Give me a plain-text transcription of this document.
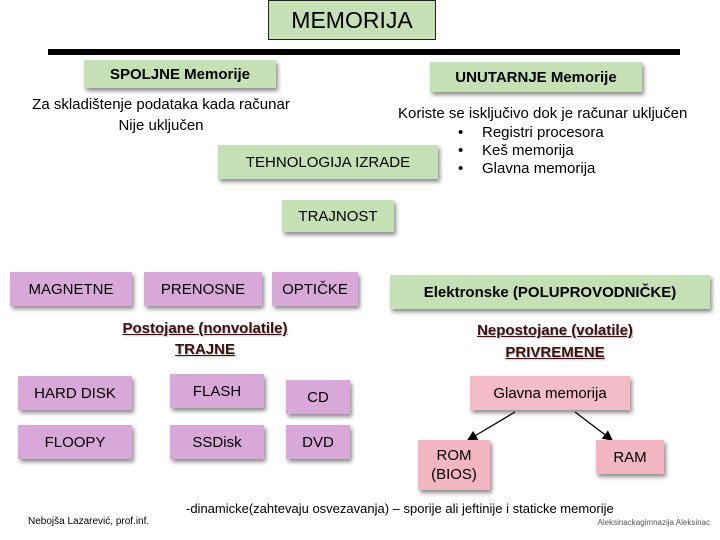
MEMORIJA
SPOLJNE Memorije	UNUTARNJE Memorije
Za skladištenje podataka kada računar
Nije uključen
Koriste se isključivo dok je računar uključen
• Registri procesora
• Keš memorija
• Glavna memorija
TEHNOLOGIJA IZRADE
TRAJNOST
MAGNETNE	PRENOSNE OPTIČKE	Elektronske (POLUPROVODNIČKE)
Postojane (nonvolatile)
TRAJNE
Nepostojane (volatile)
PRIVREMENE
HARD DISK
FLOOPY
FLASH
SSDisk
CD
DVD
Glavna memorija
ROM
(BIOS)
RAM
-dinamicke(zahtevaju osvezavanja) – sporije ali jeftinije i staticke memorije
Aleksinackagimnazija Aleksinac
Nebojša Lazarević, prof.inf.
